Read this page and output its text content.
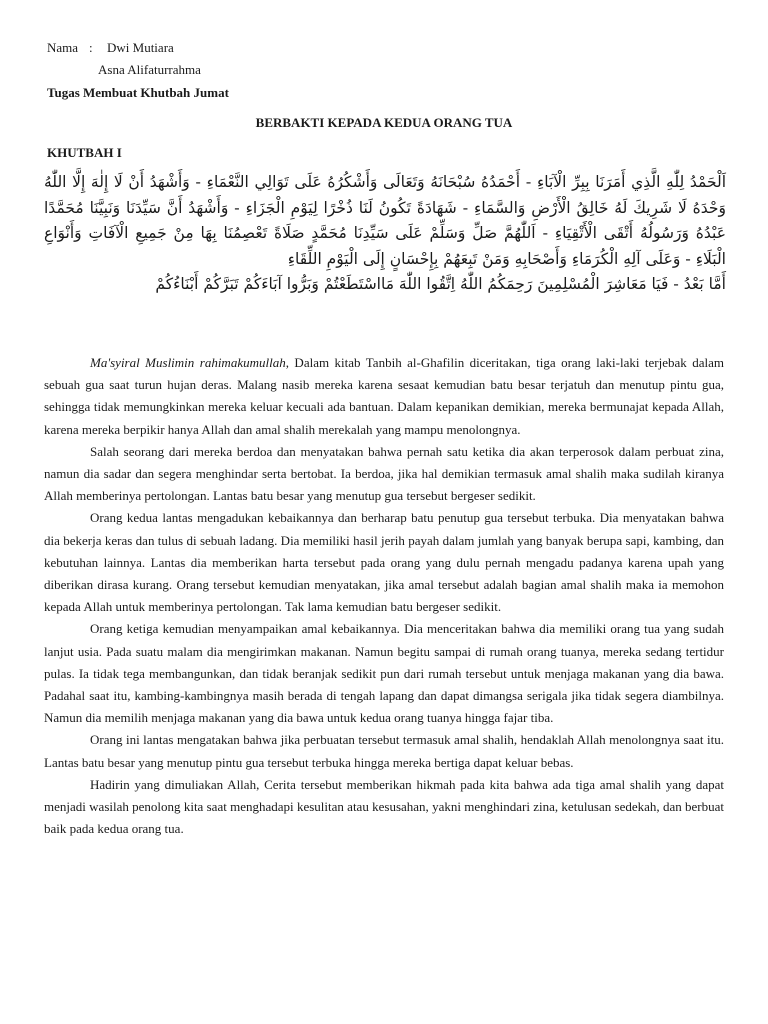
Nama : Dwi Mutiara
Asna Alifaturrahma
Tugas Membuat Khutbah Jumat
BERBAKTI KEPADA KEDUA ORANG TUA
KHUTBAH I

اَلْحَمْدُ لِلّٰهِ الَّذِي أَمَرَنَا بِبِرِّ الْآبَاءِ - أَحْمَدُهُ سُبْحَانَهُ وَتَعَالَى وَأَشْكُرُهُ عَلَى تَوَالِي النَّعْمَاءِ - وَأَشْهَدُ أَنْ لَا إِلٰهَ إِلَّا اللّٰهُ وَحْدَهُ لَا شَرِيكَ لَهُ خَالِقُ الْأَرْضِ وَالسَّمَاءِ - شَهَادَةً تَكُونُ لَنَا ذُخْرًا لِيَوْمِ الْجَزَاءِ - وَأَشْهَدُ أَنَّ سَيِّدَنَا وَنَبِيَّنَا مُحَمَّدًا عَبْدُهُ وَرَسُولُهُ أَتْقَى الْأَتْقِيَاءِ - اَللّٰهُمَّ صَلِّ وَسَلِّمْ عَلَى سَيِّدِنَا مُحَمَّدٍ صَلَاةً تَعْصِمُنَا بِهَا مِنْ جَمِيعِ الْآفَاتِ وَأَنْوَاعِ الْبَلَاءِ - وَعَلَى آلِهِ الْكُرَمَاءِ وَأَصْحَابِهِ وَمَنْ تَبِعَهُمْ بِإِحْسَانٍ إِلَى الْيَوْمِ اللِّقَاءِ

أَمَّا بَعْدُ - فَيَا مَعَاشِرَ الْمُسْلِمِينَ رَحِمَكُمُ اللّٰهُ اِتَّقُوا اللّٰهَ مَااسْتَطَعْتُمْ وَبَرُّوا آبَاءَكُمْ تَبَرَّكُمْ أَبْنَاءُكُمْ

Ma'syiral Muslimin rahimakumullah, Dalam kitab Tanbih al-Ghafilin diceritakan, tiga orang laki-laki terjebak dalam sebuah gua saat turun hujan deras. Malang nasib mereka karena sesaat kemudian batu besar terjatuh dan menutup pintu gua, sehingga tidak memungkinkan mereka keluar kecuali ada bantuan. Dalam kepanikan demikian, mereka bermunajat kepada Allah, karena mereka berpikir hanya Allah dan amal shalih merekalah yang mampu menolongnya.

Salah seorang dari mereka berdoa dan menyatakan bahwa pernah satu ketika dia akan terperosok dalam perbuat zina, namun dia sadar dan segera menghindar serta bertobat. Ia berdoa, jika hal demikian termasuk amal shalih maka sudilah kiranya Allah memberinya pertolongan. Lantas batu besar yang menutup gua tersebut bergeser sedikit.

Orang kedua lantas mengadukan kebaikannya dan berharap batu penutup gua tersebut terbuka. Dia menyatakan bahwa dia bekerja keras dan tulus di sebuah ladang. Dia memiliki hasil jerih payah dalam jumlah yang banyak berupa sapi, kambing, dan kebutuhan lainnya. Lantas dia memberikan harta tersebut pada orang yang dulu pernah mengadu padanya karena upah yang diberikan dirasa kurang. Orang tersebut kemudian menyatakan, jika amal tersebut adalah bagian amal shalih maka ia memohon kepada Allah untuk memberinya pertolongan. Tak lama kemudian batu bergeser sedikit.

Orang ketiga kemudian menyampaikan amal kebaikannya. Dia menceritakan bahwa dia memiliki orang tua yang sudah lanjut usia. Pada suatu malam dia mengirimkan makanan. Namun begitu sampai di rumah orang tuanya, mereka sedang tertidur pulas. Ia tidak tega membangunkan, dan tidak beranjak sedikit pun dari rumah tersebut untuk menjaga makanan yang dia bawa. Padahal saat itu, kambing-kambingnya masih berada di tengah lapang dan dapat dimangsa serigala jika tidak segera diambilnya. Namun dia memilih menjaga makanan yang dia bawa untuk kedua orang tuanya hingga fajar tiba.

Orang ini lantas mengatakan bahwa jika perbuatan tersebut termasuk amal shalih, hendaklah Allah menolongnya saat itu. Lantas batu besar yang menutup pintu gua tersebut terbuka hingga mereka bertiga dapat keluar bebas.

Hadirin yang dimuliakan Allah, Cerita tersebut memberikan hikmah pada kita bahwa ada tiga amal shalih yang dapat menjadi wasilah penolong kita saat menghadapi kesulitan atau kesusahan, yakni menghindari zina, ketulusan sedekah, dan berbuat baik pada kedua orang tua.
